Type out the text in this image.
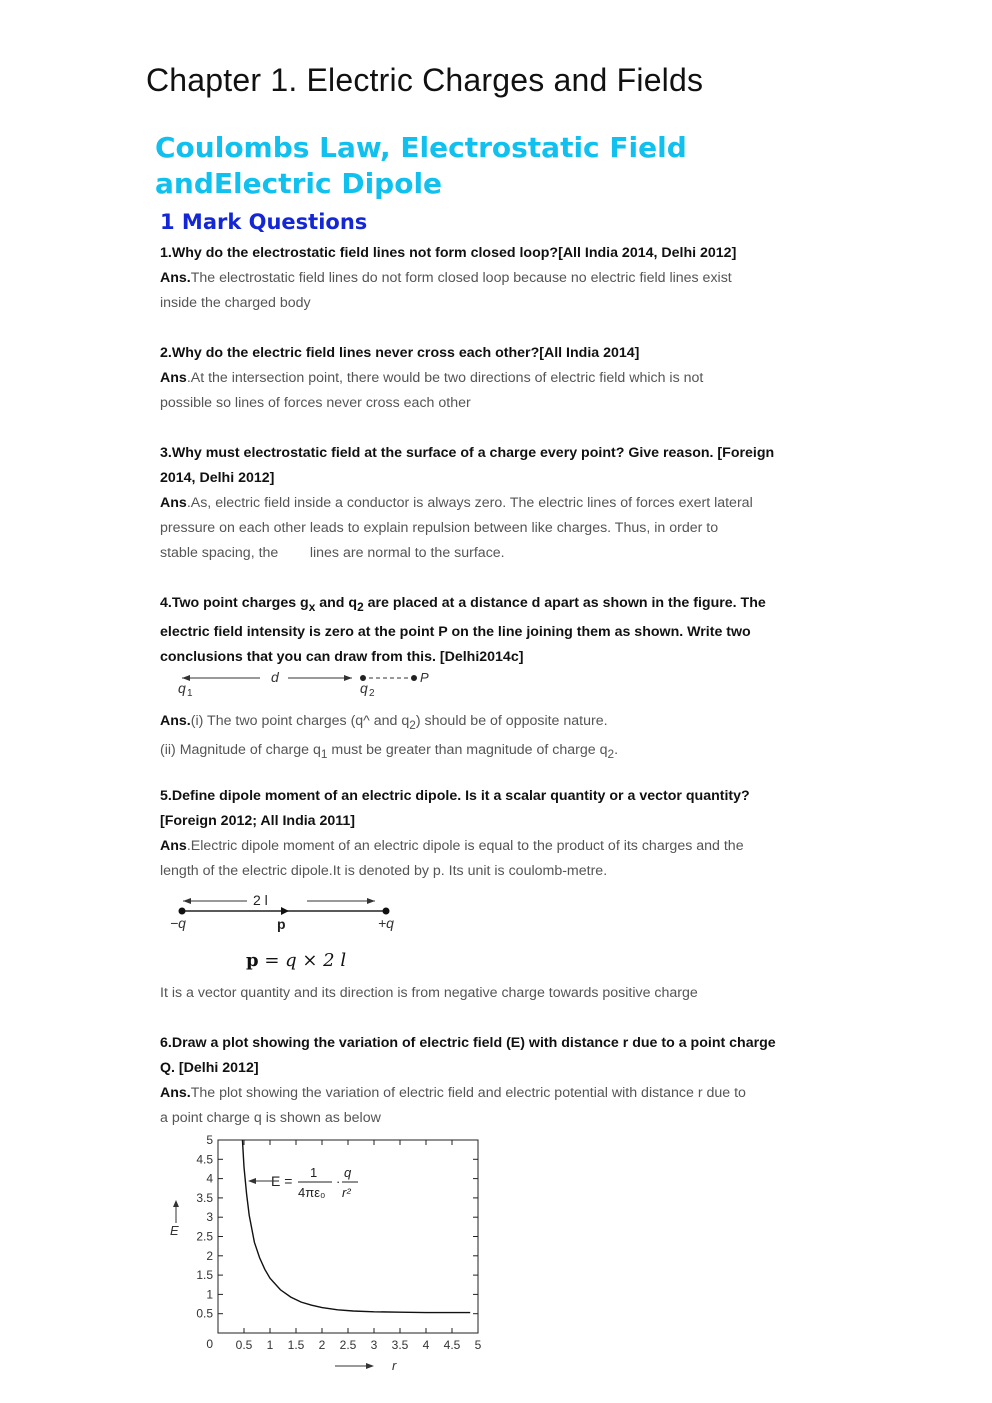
Chapter 1. Electric Charges and Fields
Coulombs Law, Electrostatic Field
andElectric Dipole
1 Mark Questions
1.Why do the electrostatic field lines not form closed loop?[All India 2014, Delhi 2012]
Ans.The electrostatic field lines do not form closed loop because no electric field lines exist
inside the charged body
2.Why do the electric field lines never cross each other?[All India 2014]
Ans.At the intersection point, there would be two directions of electric field which is not
possible so lines of forces never cross each other
3.Why must electrostatic field at the surface of a charge every point? Give reason. [Foreign
2014, Delhi 2012]
Ans.As, electric field inside a conductor is always zero. The electric lines of forces exert lateral
pressure on each other leads to explain repulsion between like charges. Thus, in order to
stable spacing, the        lines are normal to the surface.
4.Two point charges $g_x$ and $q_2$ are placed at a distance d apart as shown in the figure. The
electric field intensity is zero at the point P on the line joining them as shown. Write two
conclusions that you can draw from this. [Delhi2014c]
d	P
q 1	q 2
Ans.(i) The two point charges (q^ and $q_2$) should be of opposite nature.
(ii) Magnitude of charge $q_1$ must be greater than magnitude of charge $q_2$.
5.Define dipole moment of an electric dipole. Is it a scalar quantity or a vector quantity?
[Foreign 2012; All India 2011]
Ans.Electric dipole moment of an electric dipole is equal to the product of its charges and the
length of the electric dipole.It is denoted by p. Its unit is coulomb-metre.
2 l
−q	p	+q
p = q × 2 l
It is a vector quantity and its direction is from negative charge towards positive charge
6.Draw a plot showing the variation of electric field (E) with distance r due to a point charge
Q. [Delhi 2012]
Ans.The plot showing the variation of electric field and electric potential with distance r due to
a point charge q is shown as below
0.5 1 1.5 2 2.5 3 3.5 4 4.5 5
0
0.5
1
1.5
2
2.5
3
3.5
4
4.5
5
r
E
E =
1
4πε₀
·
q
r²
